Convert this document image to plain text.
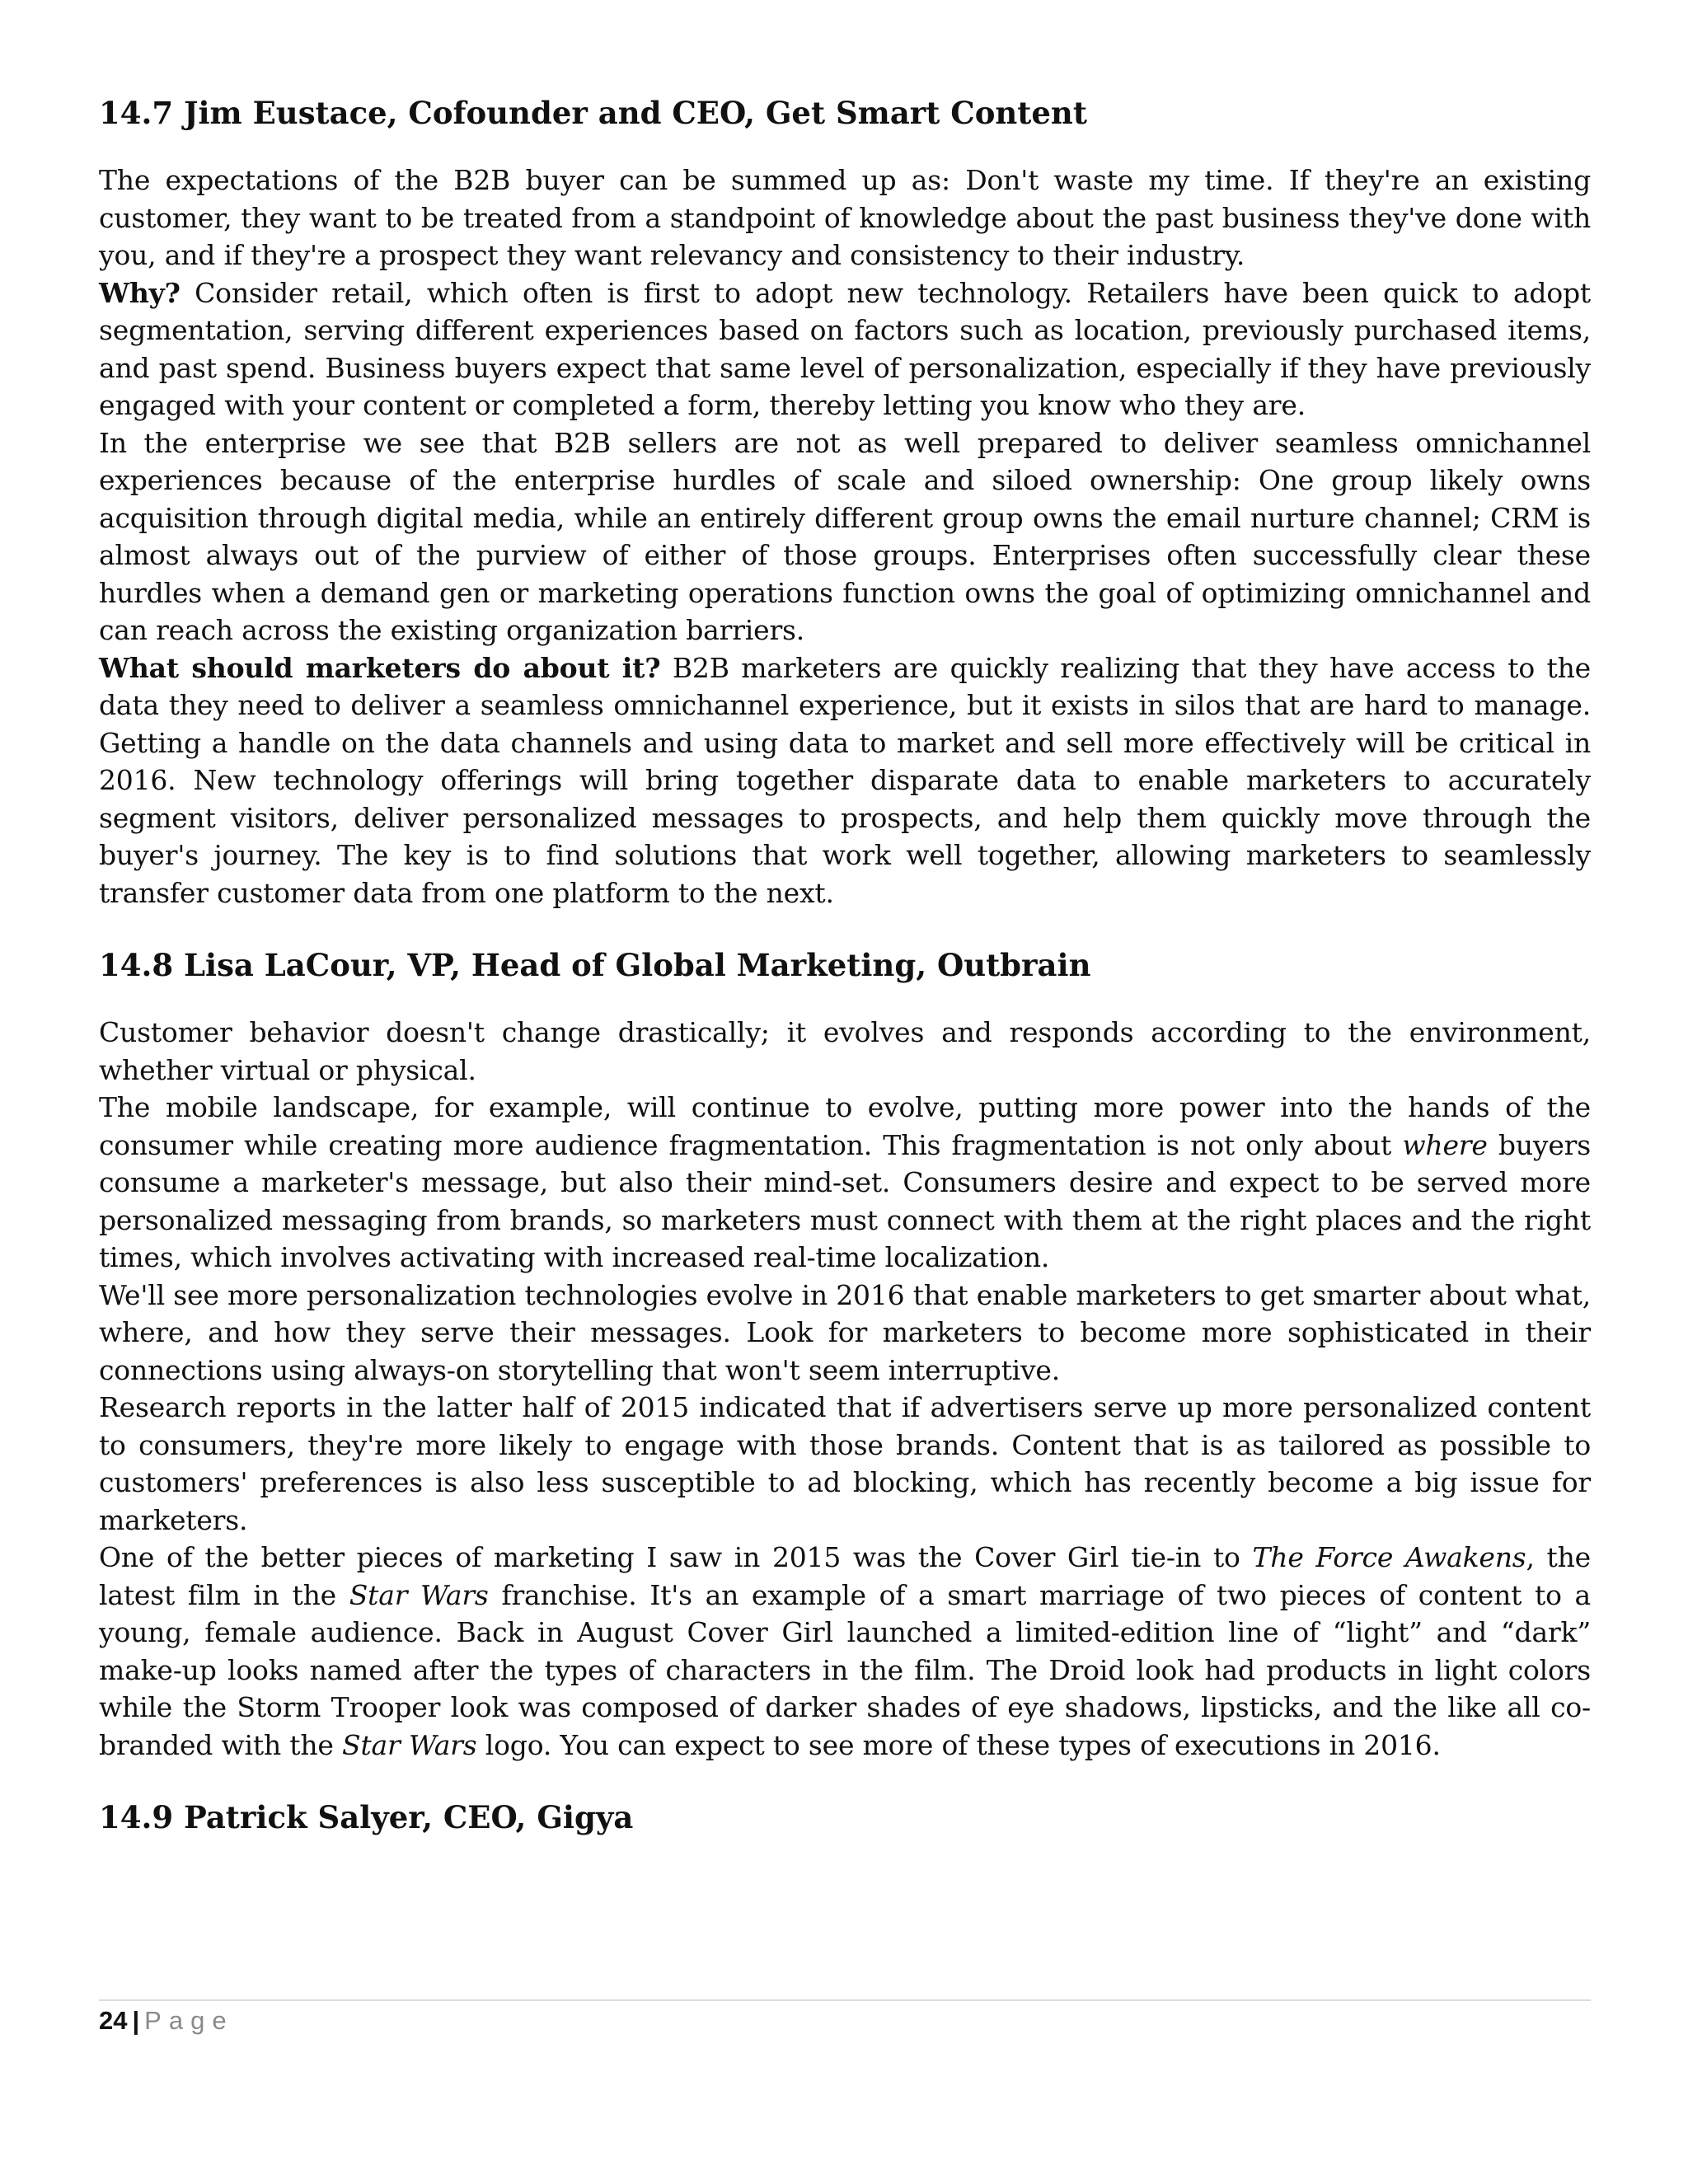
14.7 Jim Eustace, Cofounder and CEO, Get Smart Content

The expectations of the B2B buyer can be summed up as: Don't waste my time. If they're an existing customer, they want to be treated from a standpoint of knowledge about the past business they've done with you, and if they're a prospect they want relevancy and consistency to their industry.

Why? Consider retail, which often is first to adopt new technology. Retailers have been quick to adopt segmentation, serving different experiences based on factors such as location, previously purchased items, and past spend. Business buyers expect that same level of personalization, especially if they have previously engaged with your content or completed a form, thereby letting you know who they are.

In the enterprise we see that B2B sellers are not as well prepared to deliver seamless omnichannel experiences because of the enterprise hurdles of scale and siloed ownership: One group likely owns acquisition through digital media, while an entirely different group owns the email nurture channel; CRM is almost always out of the purview of either of those groups. Enterprises often successfully clear these hurdles when a demand gen or marketing operations function owns the goal of optimizing omnichannel and can reach across the existing organization barriers.

What should marketers do about it? B2B marketers are quickly realizing that they have access to the data they need to deliver a seamless omnichannel experience, but it exists in silos that are hard to manage. Getting a handle on the data channels and using data to market and sell more effectively will be critical in 2016. New technology offerings will bring together disparate data to enable marketers to accurately segment visitors, deliver personalized messages to prospects, and help them quickly move through the buyer's journey. The key is to find solutions that work well together, allowing marketers to seamlessly transfer customer data from one platform to the next.

14.8 Lisa LaCour, VP, Head of Global Marketing, Outbrain

Customer behavior doesn't change drastically; it evolves and responds according to the environment, whether virtual or physical.

The mobile landscape, for example, will continue to evolve, putting more power into the hands of the consumer while creating more audience fragmentation. This fragmentation is not only about where buyers consume a marketer's message, but also their mind-set. Consumers desire and expect to be served more personalized messaging from brands, so marketers must connect with them at the right places and the right times, which involves activating with increased real-time localization.

We'll see more personalization technologies evolve in 2016 that enable marketers to get smarter about what, where, and how they serve their messages. Look for marketers to become more sophisticated in their connections using always-on storytelling that won't seem interruptive.

Research reports in the latter half of 2015 indicated that if advertisers serve up more personalized content to consumers, they're more likely to engage with those brands. Content that is as tailored as possible to customers' preferences is also less susceptible to ad blocking, which has recently become a big issue for marketers.

One of the better pieces of marketing I saw in 2015 was the Cover Girl tie-in to The Force Awakens, the latest film in the Star Wars franchise. It's an example of a smart marriage of two pieces of content to a young, female audience. Back in August Cover Girl launched a limited-edition line of “light” and “dark” make-up looks named after the types of characters in the film. The Droid look had products in light colors while the Storm Trooper look was composed of darker shades of eye shadows, lipsticks, and the like all co-branded with the Star Wars logo. You can expect to see more of these types of executions in 2016.

14.9 Patrick Salyer, CEO, Gigya
24 | Page
